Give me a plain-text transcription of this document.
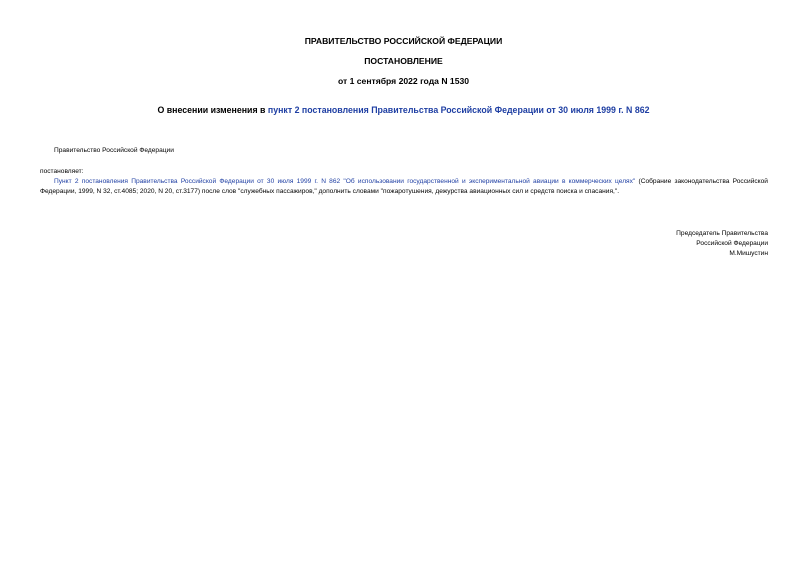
ПРАВИТЕЛЬСТВО РОССИЙСКОЙ ФЕДЕРАЦИИ
ПОСТАНОВЛЕНИЕ
от 1 сентября 2022 года N 1530
О внесении изменения в пункт 2 постановления Правительства Российской Федерации от 30 июля 1999 г. N 862
Правительство Российской Федерации
постановляет:
Пункт 2 постановления Правительства Российской Федерации от 30 июля 1999 г. N 862 "Об использовании государственной и экспериментальной авиации в коммерческих целях" (Собрание законодательства Российской Федерации, 1999, N 32, ст.4085; 2020, N 20, ст.3177) после слов "служебных пассажиров," дополнить словами "пожаротушения, дежурства авиационных сил и средств поиска и спасания,".
Председатель Правительства
Российской Федерации
М.Мишустин
